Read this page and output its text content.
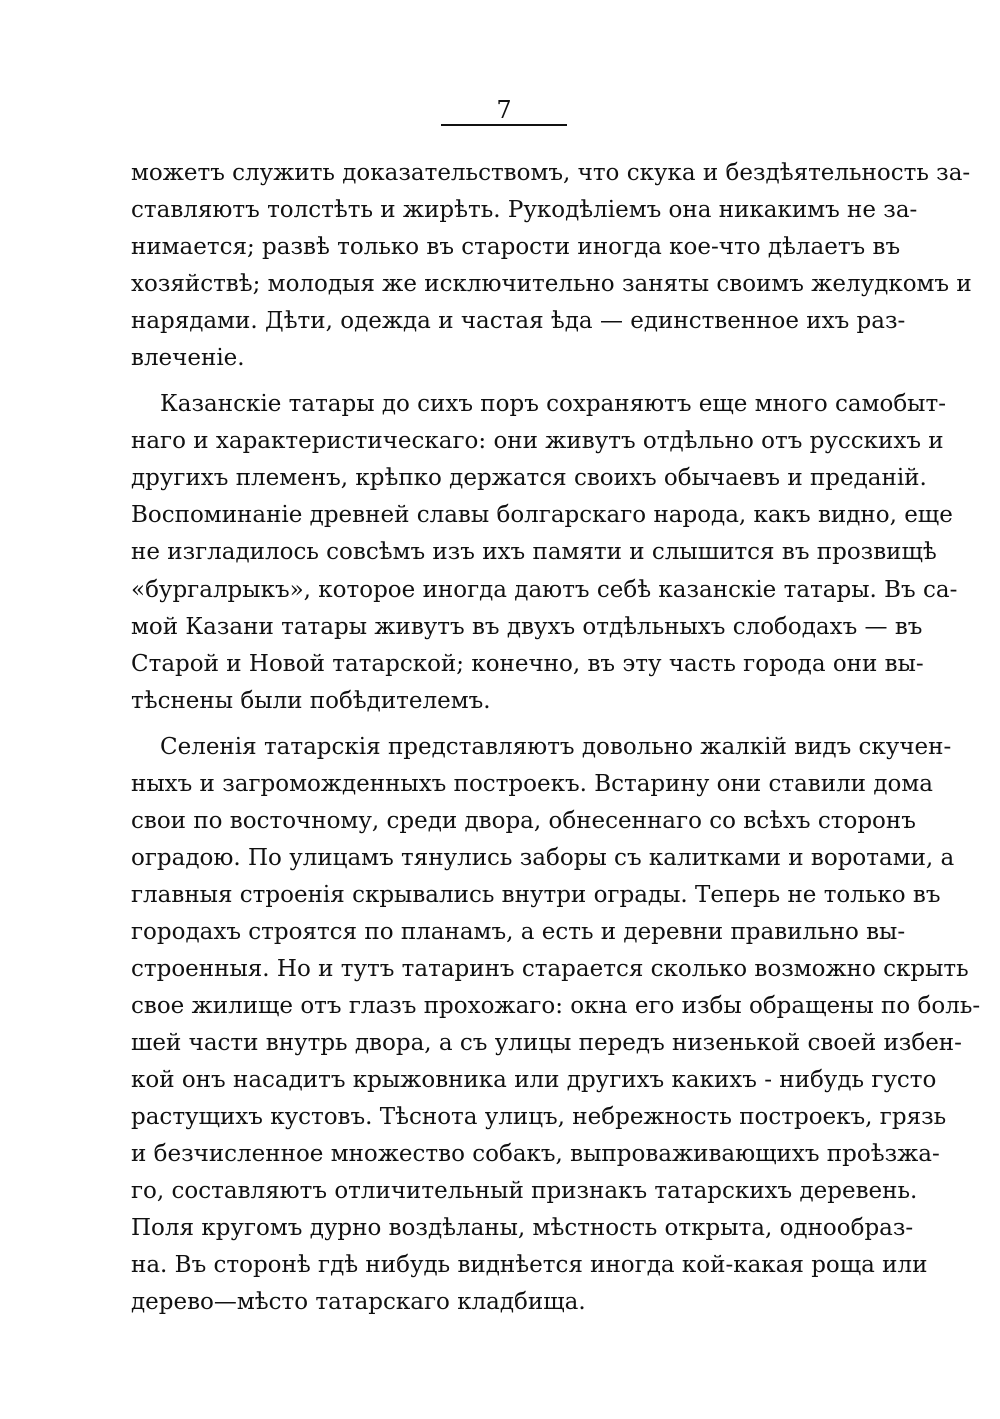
7
можетъ служить доказательствомъ, что скука и бездѣятельность за-
ставляютъ толстѣть и жирѣть. Рукодѣліемъ она никакимъ не за-
нимается; развѣ только въ старости иногда кое-что дѣлаетъ въ
хозяйствѣ; молодыя же исключительно заняты своимъ желудкомъ и
нарядами. Дѣти, одежда и частая ѣда — единственное ихъ раз-
влеченіе.
Казанскіе татары до сихъ поръ сохраняютъ еще много самобыт-
наго и характеристическаго: они живутъ отдѣльно отъ русскихъ и
другихъ племенъ, крѣпко держатся своихъ обычаевъ и преданій.
Воспоминаніе древней славы болгарскаго народа, какъ видно, еще
не изгладилось совсѣмъ изъ ихъ памяти и слышится въ прозвищѣ
«бургалрыкъ», которое иногда даютъ себѣ казанскіе татары. Въ са-
мой Казани татары живутъ въ двухъ отдѣльныхъ слободахъ — въ
Старой и Новой татарской; конечно, въ эту часть города они вы-
тѣснены были побѣдителемъ.
Селенія татарскія представляютъ довольно жалкій видъ скучен-
ныхъ и загроможденныхъ построекъ. Встарину они ставили дома
свои по восточному, среди двора, обнесеннаго со всѣхъ сторонъ
оградою. По улицамъ тянулись заборы съ калитками и воротами, а
главныя строенія скрывались внутри ограды. Теперь не только въ
городахъ строятся по планамъ, а есть и деревни правильно вы-
строенныя. Но и тутъ татаринъ старается сколько возможно скрыть
свое жилище отъ глазъ прохожаго: окна его избы обращены по боль-
шей части внутрь двора, а съ улицы передъ низенькой своей избен-
кой онъ насадитъ крыжовника или другихъ какихъ - нибудь густо
растущихъ кустовъ. Тѣснота улицъ, небрежность построекъ, грязь
и безчисленное множество собакъ, выпроваживающихъ проѣзжа-
го, составляютъ отличительный признакъ татарскихъ деревень.
Поля кругомъ дурно воздѣланы, мѣстность открыта, однообраз-
на. Въ сторонѣ гдѣ нибудь виднѣется иногда кой-какая роща или
дерево—мѣсто татарскаго кладбища.
